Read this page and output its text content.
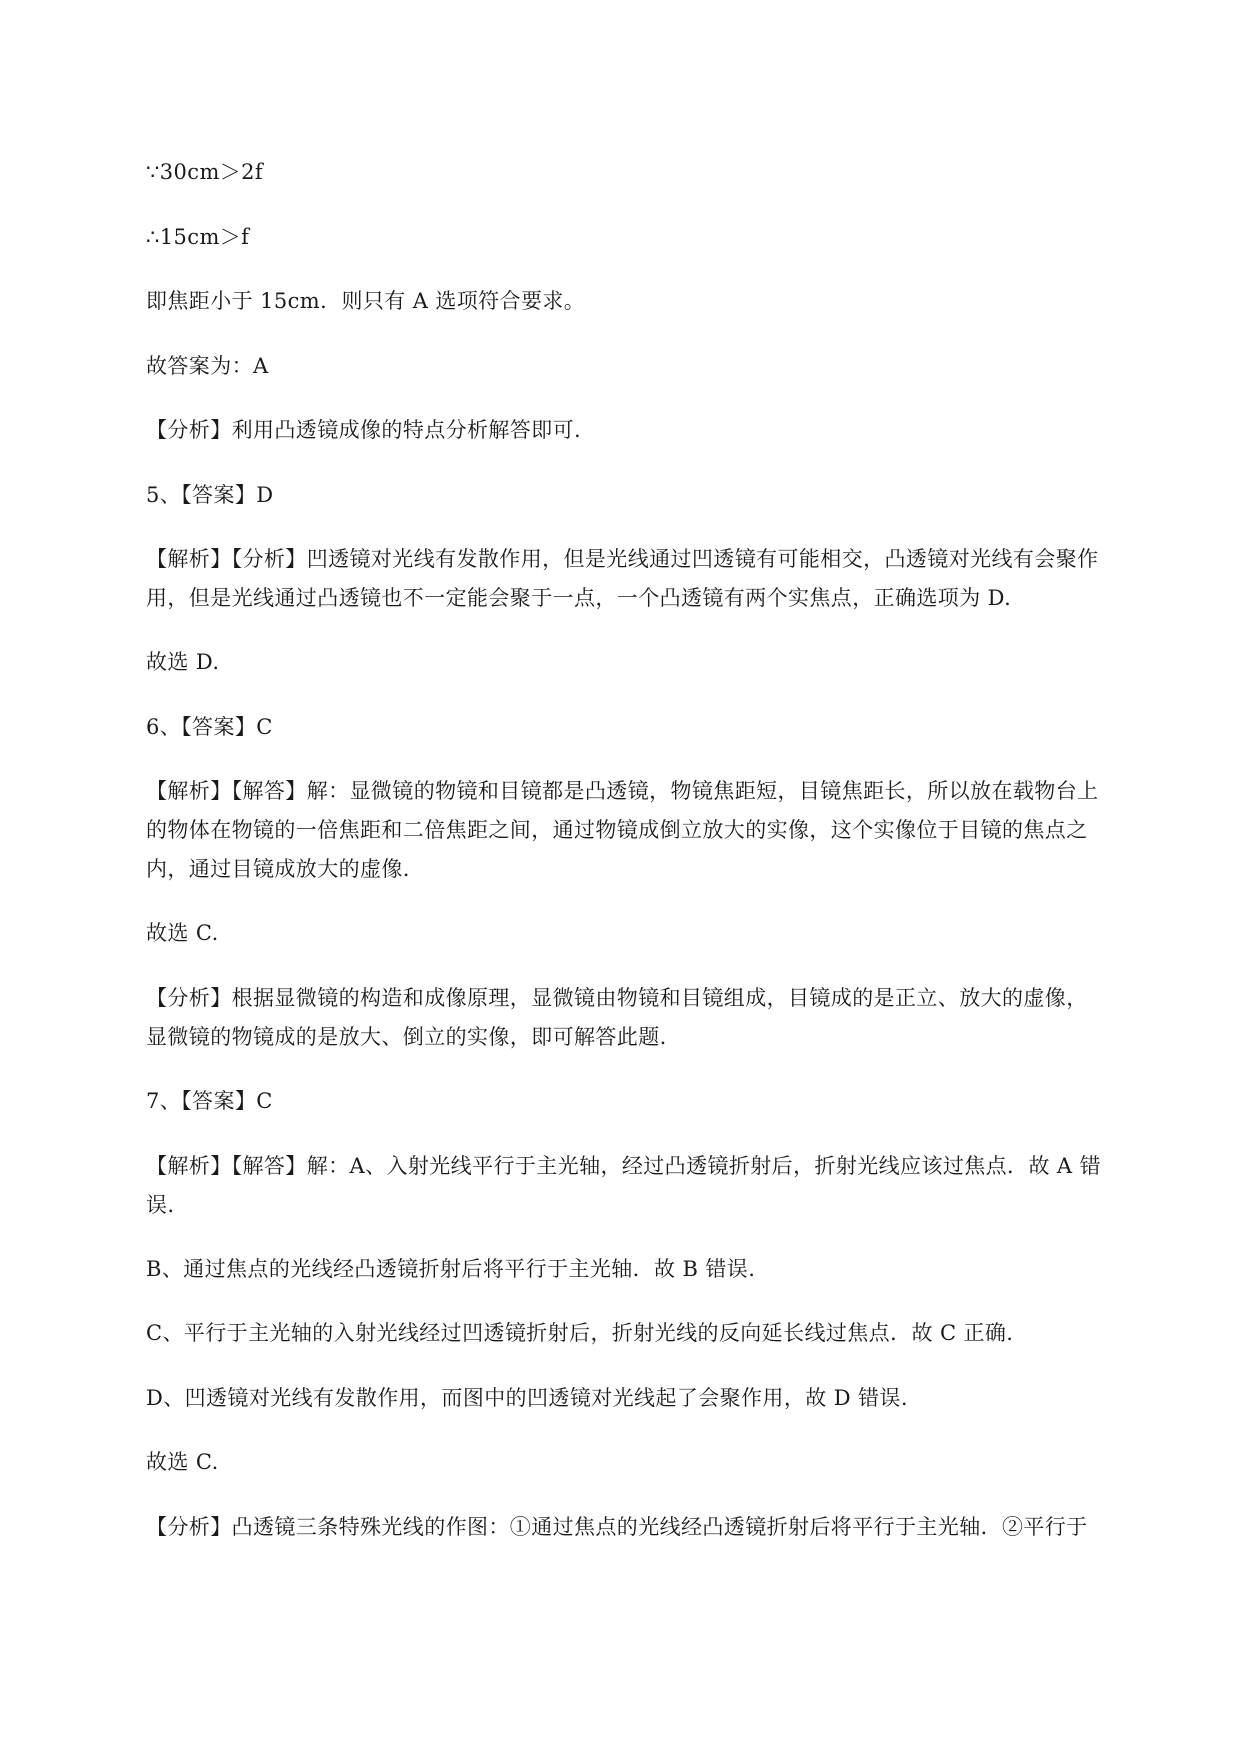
∵30cm＞2f
∴15cm＞f
即焦距小于 15cm．则只有 A 选项符合要求。
故答案为：A
【分析】利用凸透镜成像的特点分析解答即可.
5、【答案】D
【解析】【分析】凹透镜对光线有发散作用，但是光线通过凹透镜有可能相交，凸透镜对光线有会聚作
用，但是光线通过凸透镜也不一定能会聚于一点，一个凸透镜有两个实焦点，正确选项为 D.
故选 D.
6、【答案】C
【解析】【解答】解：显微镜的物镜和目镜都是凸透镜，物镜焦距短，目镜焦距长，所以放在载物台上
的物体在物镜的一倍焦距和二倍焦距之间，通过物镜成倒立放大的实像，这个实像位于目镜的焦点之
内，通过目镜成放大的虚像.
故选 C.
【分析】根据显微镜的构造和成像原理，显微镜由物镜和目镜组成，目镜成的是正立、放大的虚像，
显微镜的物镜成的是放大、倒立的实像，即可解答此题.
7、【答案】C
【解析】【解答】解：A、入射光线平行于主光轴，经过凸透镜折射后，折射光线应该过焦点．故 A 错
误.
B、通过焦点的光线经凸透镜折射后将平行于主光轴．故 B 错误.
C、平行于主光轴的入射光线经过凹透镜折射后，折射光线的反向延长线过焦点．故 C 正确.
D、凹透镜对光线有发散作用，而图中的凹透镜对光线起了会聚作用，故 D 错误.
故选 C.
【分析】凸透镜三条特殊光线的作图：①通过焦点的光线经凸透镜折射后将平行于主光轴．②平行于
